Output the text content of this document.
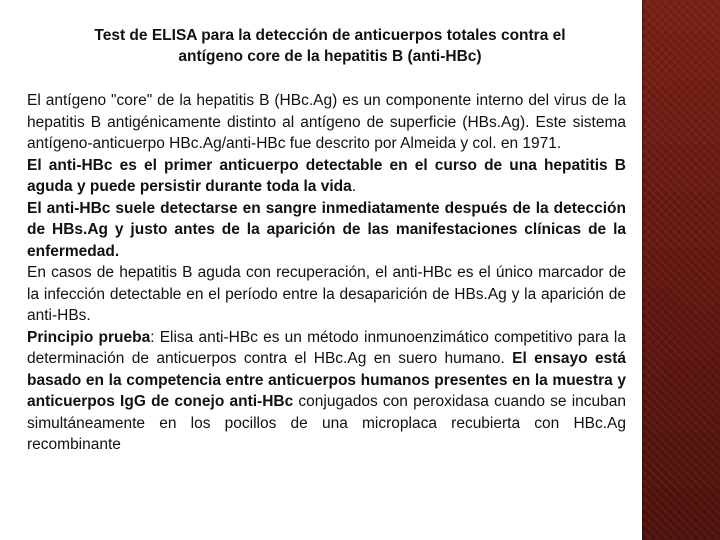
Test de ELISA para la detección de anticuerpos totales contra el
antígeno core de la hepatitis B (anti-HBc)

El antígeno "core" de la hepatitis B (HBc.Ag) es un componente interno del virus de la hepatitis B antigénicamente distinto al antígeno de superficie (HBs.Ag). Este sistema antígeno-anticuerpo HBc.Ag/anti-HBc fue descrito por Almeida y col. en 1971.

El anti-HBc es el primer anticuerpo detectable en el curso de una hepatitis B aguda y puede persistir durante toda la vida.

El anti-HBc suele detectarse en sangre inmediatamente después de la detección de HBs.Ag y justo antes de la aparición de las manifestaciones clínicas de la enfermedad.

En casos de hepatitis B aguda con recuperación, el anti-HBc es el único marcador de la infección detectable en el período entre la desaparición de HBs.Ag y la aparición de anti-HBs.

Principio prueba: Elisa anti-HBc es un método inmunoenzimático competitivo para la determinación de anticuerpos contra el HBc.Ag en suero humano. El ensayo está basado en la competencia entre anticuerpos humanos presentes en la muestra y anticuerpos IgG de conejo anti-HBc conjugados con peroxidasa cuando se incuban simultáneamente en los pocillos de una microplaca recubierta con HBc.Ag recombinante
